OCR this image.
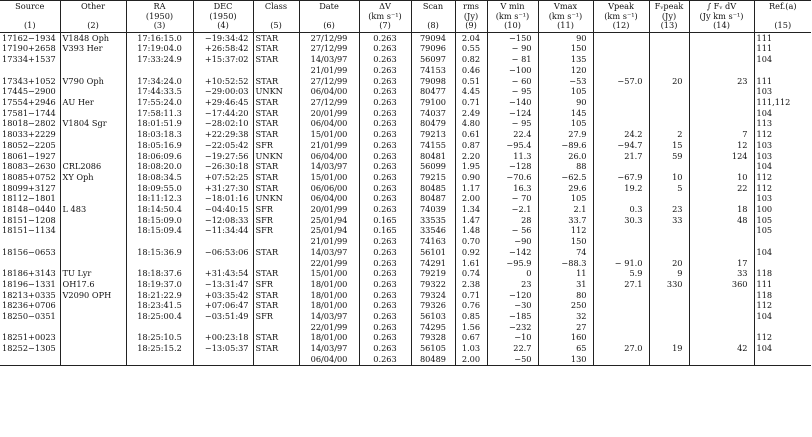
Source	Other	RA	DEC	Class	Date	ΔV	Scan	rms	V min	Vmax	Vpeak	Fᵥpeak	∫ Fᵥ dV	Ref.(a)
		(1950)	(1950)			(km s⁻¹)		(Jy)	(km s⁻¹)	(km s⁻¹)	(km s⁻¹)	(Jy)	(Jy km s⁻¹)	
(1)	(2)	(3)	(4)	(5)	(6)	(7)	(8)	(9)	(10)	(11)	(12)	(13)	(14)	(15)
17162−1934	V1848 Oph	17:16:15.0	−19:34:42	STAR	27/12/99	0.263	79094	2.04	−150	90				111
17190+2658	V393 Her	17:19:04.0	+26:58:42	STAR	27/12/99	0.263	79096	0.55	− 90	150				111
17334+1537		17:33:24.9	+15:37:02	STAR	14/03/97	0.263	56097	0.82	− 81	135				104
					21/01/99	0.263	74153	0.46	−100	120				
17343+1052	V790 Oph	17:34:24.0	+10:52:52	STAR	27/12/99	0.263	79098	0.51	− 60	−53	−57.0	20	23	111
17445−2900		17:44:33.5	−29:00:03	UNKN	06/04/00	0.263	80477	4.45	− 95	105				103
17554+2946	AU Her	17:55:24.0	+29:46:45	STAR	27/12/99	0.263	79100	0.71	−140	90				111,112
17581−1744		17:58:11.3	−17:44:20	STAR	20/01/99	0.263	74037	2.49	−124	145				104
18018−2802	V1804 Sgr	18:01:51.9	−28:02:10	STAR	06/04/00	0.263	80479	4.80	− 95	105				113
18033+2229		18:03:18.3	+22:29:38	STAR	15/01/00	0.263	79213	0.61	22.4	27.9	24.2	2	7	112
18052−2205		18:05:16.9	−22:05:42	SFR	21/01/99	0.263	74155	0.87	−95.4	−89.6	−94.7	15	12	103
18061−1927		18:06:09.6	−19:27:56	UNKN	06/04/00	0.263	80481	2.20	11.3	26.0	21.7	59	124	103
18083−2630	CRL2086	18:08:20.0	−26:30:18	STAR	14/03/97	0.263	56099	1.95	−128	88				104
18085+0752	XY Oph	18:08:34.5	+07:52:25	STAR	15/01/00	0.263	79215	0.90	−70.6	−62.5	−67.9	10	10	112
18099+3127		18:09:55.0	+31:27:30	STAR	06/06/00	0.263	80485	1.17	16.3	29.6	19.2	5	22	112
18112−1801		18:11:12.3	−18:01:16	UNKN	06/04/00	0.263	80487	2.00	− 70	105				103
18148−0440	L 483	18:14:50.4	−04:40:15	SFR	20/01/99	0.263	74039	1.34	−2.1	2.1	0.3	23	18	100
18151−1208		18:15:09.0	−12:08:33	SFR	25/01/94	0.165	33535	1.47	28	33.7	30.3	33	48	105
18151−1134		18:15:09.4	−11:34:44	SFR	25/01/94	0.165	33546	1.48	− 56	112				105
					21/01/99	0.263	74163	0.70	−90	150				
18156−0653		18:15:36.9	−06:53:06	STAR	14/03/97	0.263	56101	0.92	−142	74				104
					22/01/99	0.263	74291	1.61	−95.9	−88.3	− 91.0	20	17	
18186+3143	TU Lyr	18:18:37.6	+31:43:54	STAR	15/01/00	0.263	79219	0.74	0	11	5.9	9	33	118
18196−1331	OH17.6	18:19:37.0	−13:31:47	SFR	18/01/00	0.263	79322	2.38	23	31	27.1	330	360	111
18213+0335	V2090 OPH	18:21:22.9	+03:35:42	STAR	18/01/00	0.263	79324	0.71	−120	80				118
18236+0706		18:23:41.5	+07:06:47	STAR	18/01/00	0.263	79326	0.76	−30	250				112
18250−0351		18:25:00.4	−03:51:49	SFR	14/03/97	0.263	56103	0.85	−185	32				104
					22/01/99	0.263	74295	1.56	−232	27				
18251+0023		18:25:10.5	+00:23:18	STAR	18/01/00	0.263	79328	0.67	−10	160				112
18252−1305		18:25:15.2	−13:05:37	STAR	14/03/97	0.263	56105	1.03	22.7	65	27.0	19	42	104
					06/04/00	0.263	80489	2.00	−50	130				
